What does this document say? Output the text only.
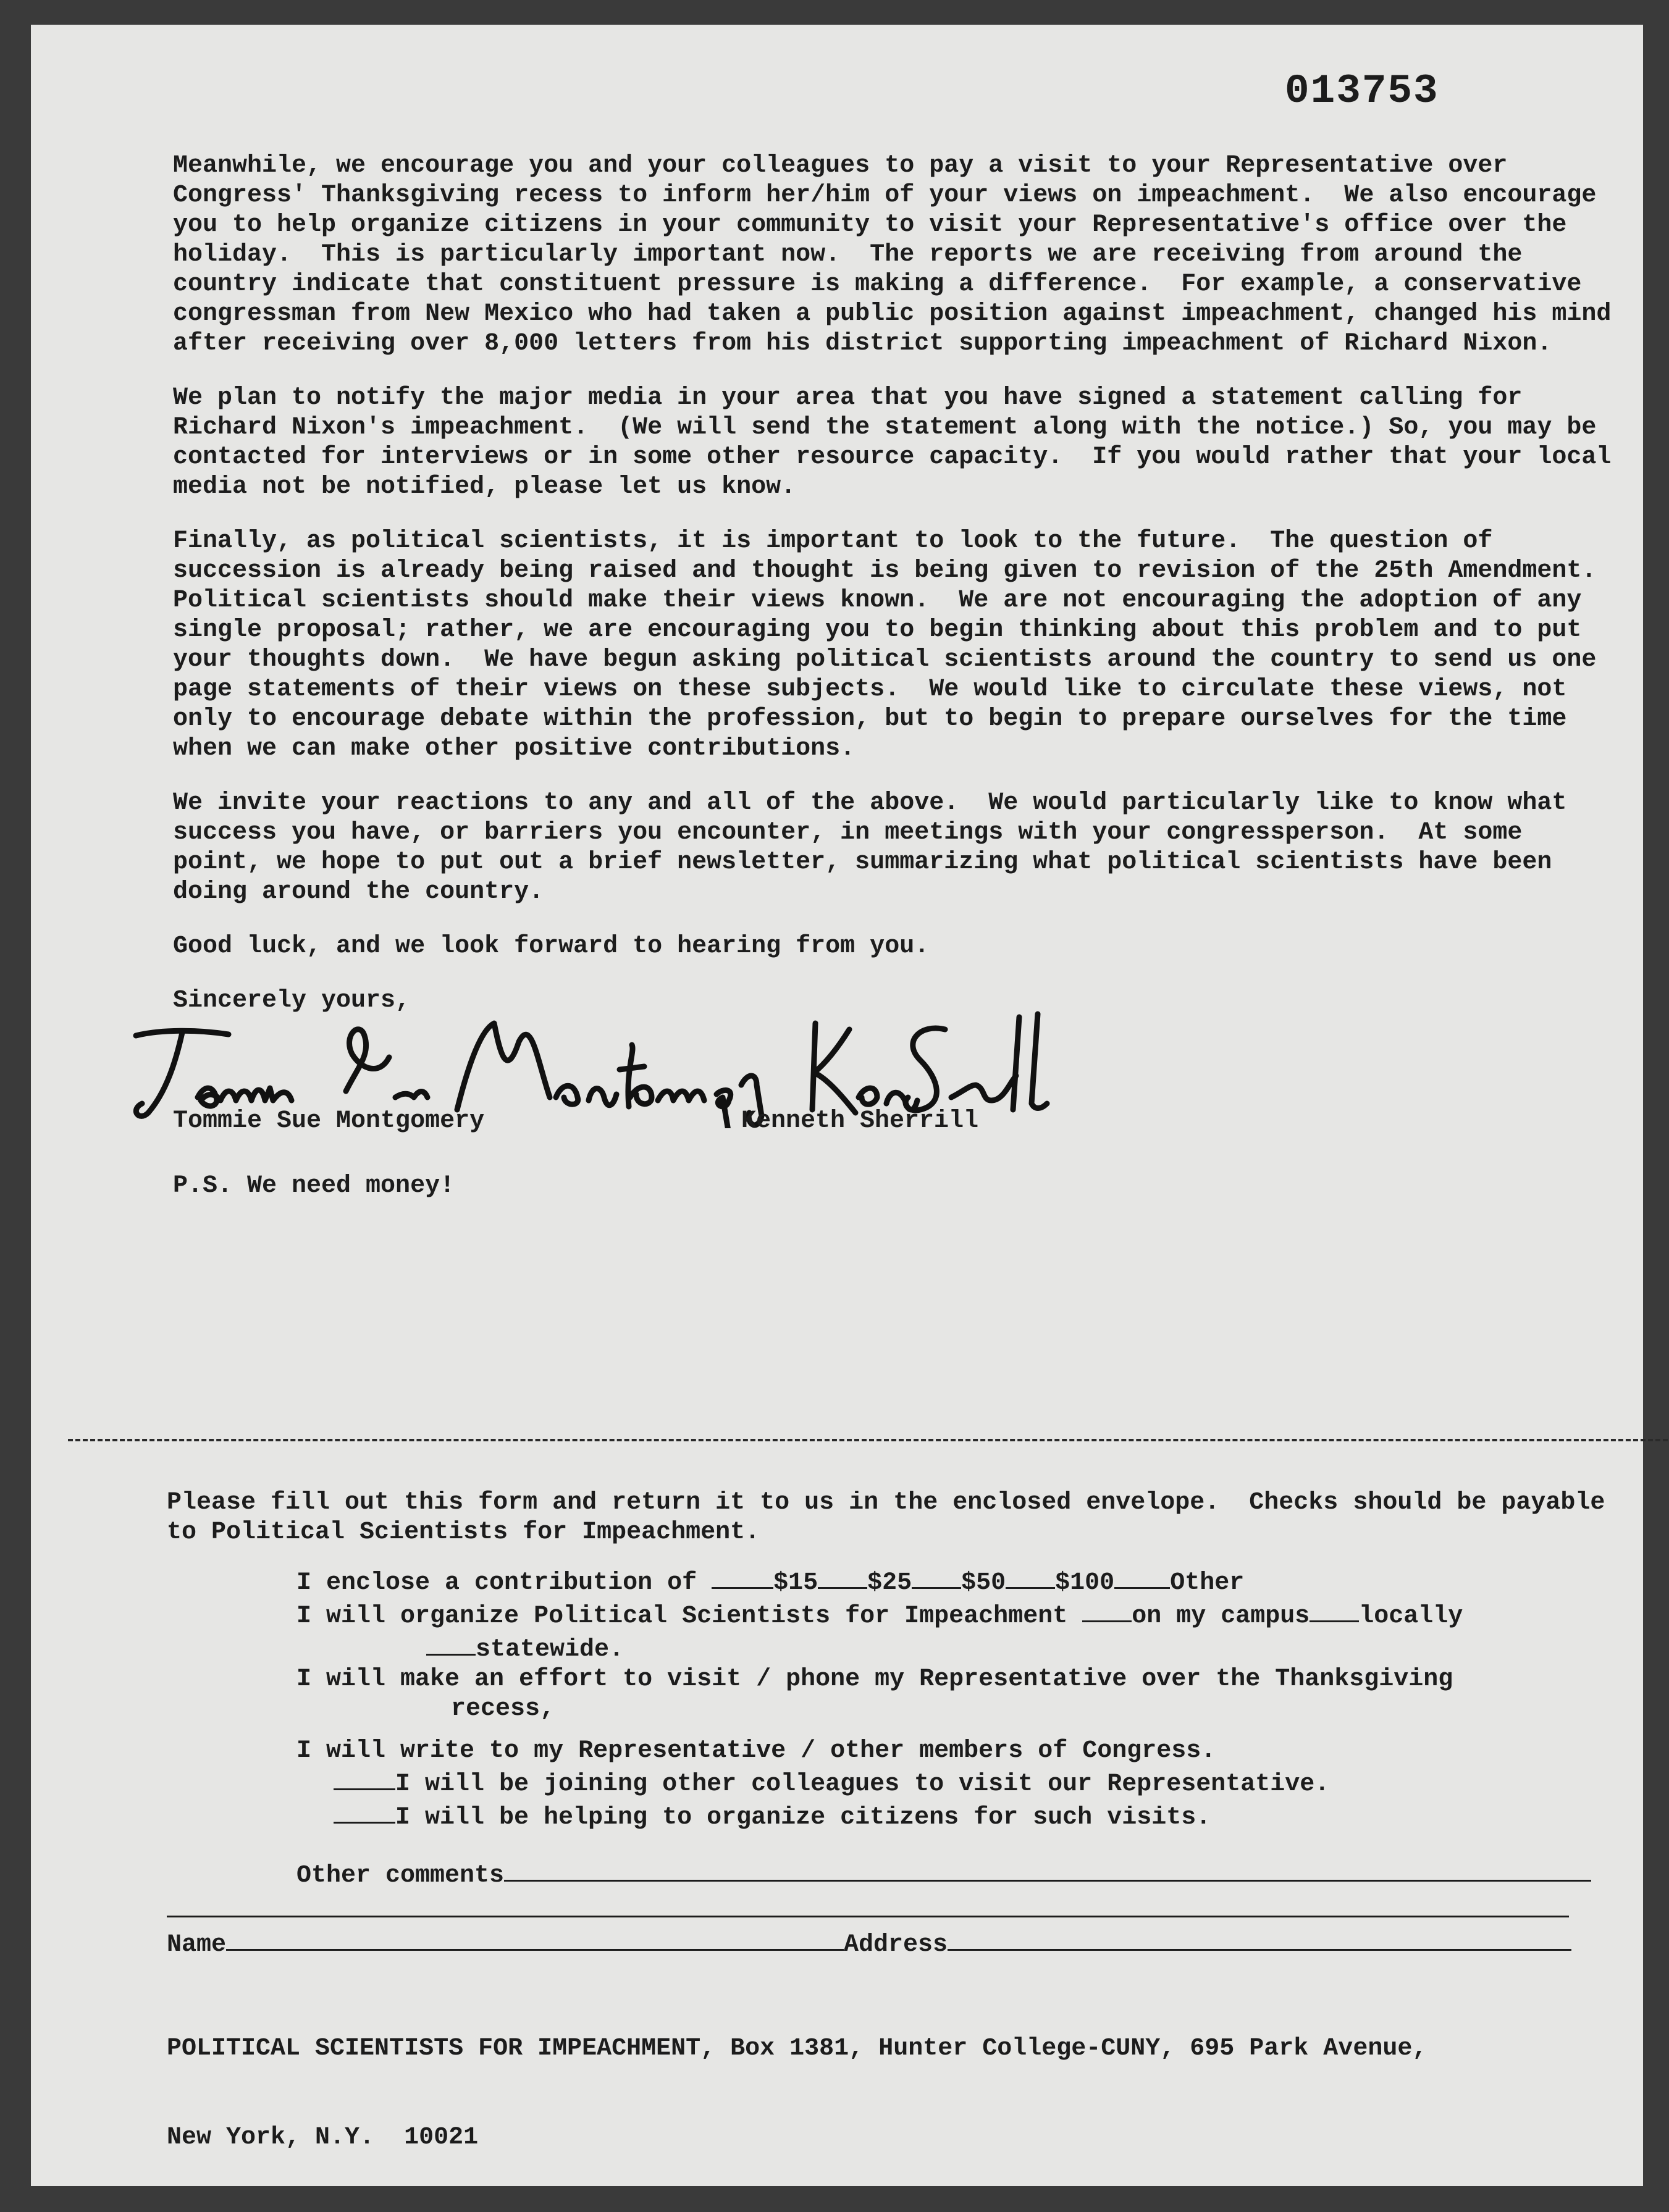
013753

Meanwhile, we encourage you and your colleagues to pay a visit to your Representative over Congress' Thanksgiving recess to inform her/him of your views on impeachment.  We also encourage you to help organize citizens in your community to visit your Representative's office over the holiday.  This is particularly important now.  The reports we are receiving from around the country indicate that constituent pressure is making a difference.  For example, a conservative congressman from New Mexico who had taken a public position against impeachment, changed his mind after receiving over 8,000 letters from his district supporting impeachment of Richard Nixon.

We plan to notify the major media in your area that you have signed a statement calling for Richard Nixon's impeachment.  (We will send the statement along with the notice.) So, you may be contacted for interviews or in some other resource capacity.  If you would rather that your local media not be notified, please let us know.

Finally, as political scientists, it is important to look to the future.  The question of succession is already being raised and thought is being given to revision of the 25th Amendment.  Political scientists should make their views known.  We are not encouraging the adoption of any single proposal; rather, we are encouraging you to begin thinking about this problem and to put your thoughts down.  We have begun asking political scientists around the country to send us one page statements of their views on these subjects.  We would like to circulate these views, not only to encourage debate within the profession, but to begin to prepare ourselves for the time when we can make other positive contributions.

We invite your reactions to any and all of the above.  We would particularly like to know what success you have, or barriers you encounter, in meetings with your congressperson.  At some point, we hope to put out a brief newsletter, summarizing what political scientists have been doing around the country.

Good luck, and we look forward to hearing from you.

Sincerely yours,
Tommie Sue Montgomery	Kenneth Sherrill

P.S. We need money!

Please fill out this form and return it to us in the enclosed envelope.  Checks should be payable to Political Scientists for Impeachment.

I enclose a contribution of	$15 $25 $50 $100 Other

I will organize Political Scientists for Impeachment	on my campus locally

statewide.

I will make an effort to visit / phone my Representative over the Thanksgiving

recess,

I will write to my Representative / other members of Congress.

I will be joining other colleagues to visit our Representative.

I will be helping to organize citizens for such visits.

Other comments

Name	Address

POLITICAL SCIENTISTS FOR IMPEACHMENT, Box 1381, Hunter College-CUNY, 695 Park Avenue,

New York, N.Y.  10021
